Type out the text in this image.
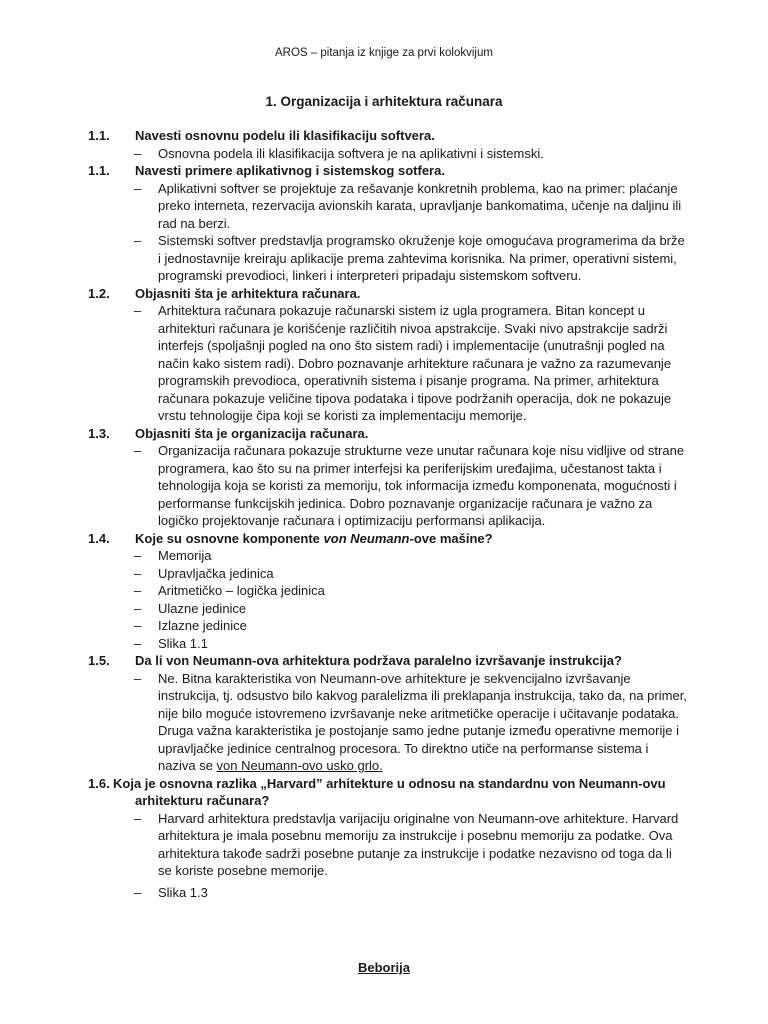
AROS – pitanja iz knjige za prvi kolokvijum
1. Organizacija i arhitektura računara
1.1.	Navesti osnovnu podelu ili klasifikaciju softvera.
–	Osnovna podela ili klasifikacija softvera je na aplikativni i sistemski.
1.1.	Navesti primere aplikativnog i sistemskog sotfera.
–	Aplikativni softver se projektuje za rešavanje konkretnih problema, kao na primer: plaćanje preko interneta, rezervacija avionskih karata, upravljanje bankomatima, učenje na daljinu ili rad na berzi.
–	Sistemski softver predstavlja programsko okruženje koje omogućava programerima da brže i jednostavnije kreiraju aplikacije prema zahtevima korisnika. Na primer, operativni sistemi, programski prevodioci, linkeri i interpreteri pripadaju sistemskom softveru.
1.2.	Objasniti šta je arhitektura računara.
–	Arhitektura računara pokazuje računarski sistem iz ugla programera. Bitan koncept u arhitekturi računara je korišćenje različitih nivoa apstrakcije. Svaki nivo apstrakcije sadrži interfejs (spoljašnji pogled na ono što sistem radi) i implementacije (unutrašnji pogled na način kako sistem radi). Dobro poznavanje arhitekture računara je važno za razumevanje programskih prevodioca, operativnih sistema i pisanje programa. Na primer, arhitektura računara pokazuje veličine tipova podataka i tipove podržanih operacija, dok ne pokazuje vrstu tehnologije čipa koji se koristi za implementaciju memorije.
1.3.	Objasniti šta je organizacija računara.
–	Organizacija računara pokazuje strukturne veze unutar računara koje nisu vidljive od strane programera, kao što su na primer interfejsi ka periferijskim uređajima, učestanost takta i tehnologija koja se koristi za memoriju, tok informacija između komponenata, mogućnosti i performanse funkcijskih jedinica. Dobro poznavanje organizacije računara je važno za logičko projektovanje računara i optimizaciju performansi aplikacija.
1.4.	Koje su osnovne komponente von Neumann-ove mašine?
–	Memorija
–	Upravljačka jedinica
–	Aritmetičko – logička jedinica
–	Ulazne jedinice
–	Izlazne jedinice
–	Slika 1.1
1.5.	Da li von Neumann-ova arhitektura podržava paralelno izvršavanje instrukcija?
–	Ne. Bitna karakteristika von Neumann-ove arhitekture je sekvencijalno izvršavanje instrukcija, tj. odsustvo bilo kakvog paralelizma ili preklapanja instrukcija, tako da, na primer, nije bilo moguće istovremeno izvršavanje neke aritmetičke operacije i učitavanje podataka. Druga važna karakteristika je postojanje samo jedne putanje između operativne memorije i upravljačke jedinice centralnog procesora. To direktno utiče na performanse sistema i naziva se von Neumann-ovo usko grlo.
1.6. Koja je osnovna razlika „Harvard” arhitekture u odnosu na standardnu von Neumann-ovu arhitekturu računara?
–	Harvard arhitektura predstavlja varijaciju originalne von Neumann-ove arhitekture. Harvard arhitektura je imala posebnu memoriju za instrukcije i posebnu memoriju za podatke. Ova arhitektura takođe sadrži posebne putanje za instrukcije i podatke nezavisno od toga da li se koriste posebne memorije.
–	Slika 1.3
Beborija
